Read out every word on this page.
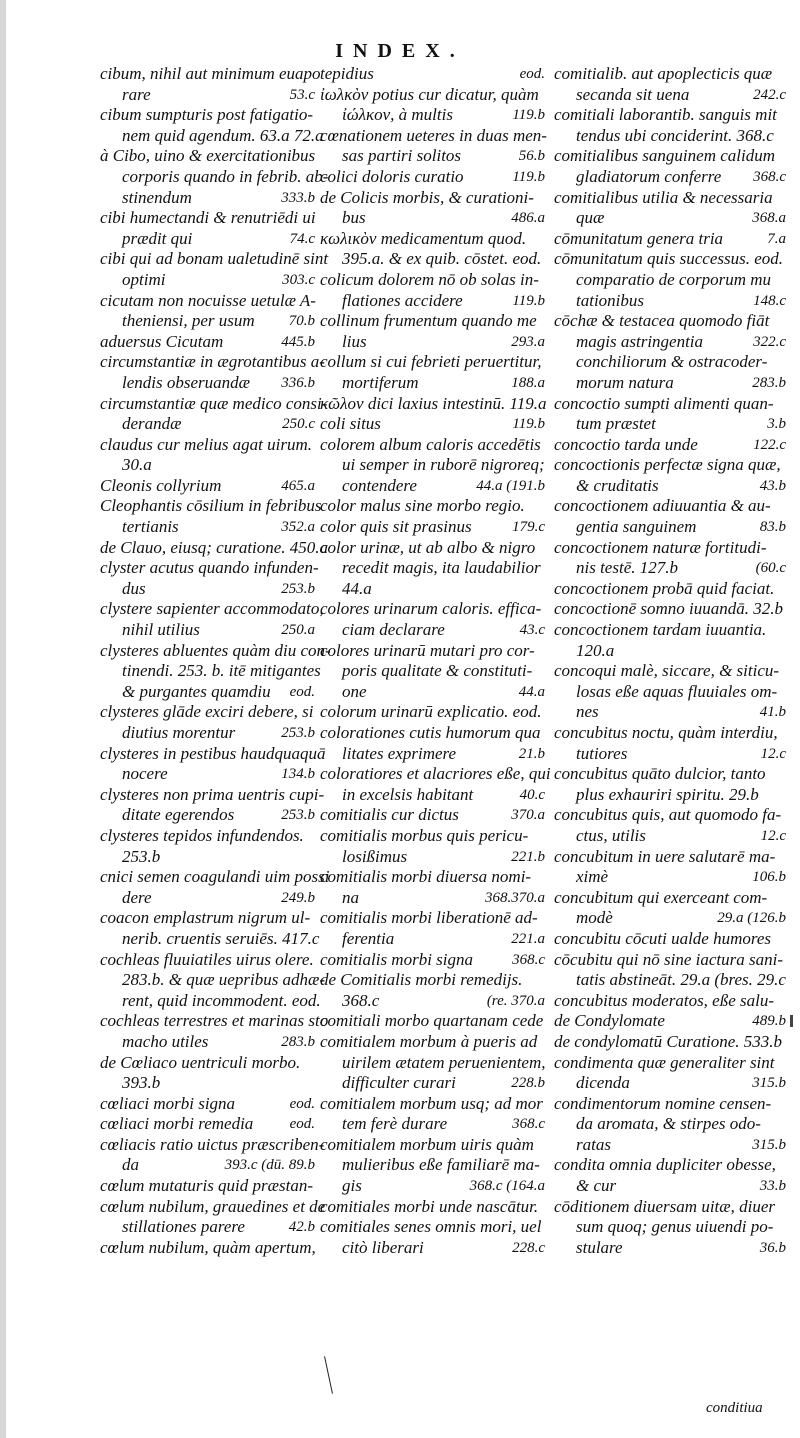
INDEX.
cibum, nihil aut minimum euapo
rare	53.c
cibum sumpturis post fatigatio-
nem quid agendum. 63.a 72.a
à Cibo, uino & exercitationibus
corporis quando in febrib. ab-
stinendum	333.b
cibi humectandi & renutriēdi ui
prædit qui	74.c
cibi qui ad bonam ualetudinē sint
optimi	303.c
cicutam non nocuisse uetulæ A-
theniensi, per usum 70.b
aduersus Cicutam	445.b
circumstantiæ in ægrotantibus a-
lendis obseruandæ 336.b
circumstantiæ quæ medico consi-
derandæ	250.c
claudus cur melius agat uirum.
30.a
Cleonis collyrium	465.a
Cleophantis cōsilium in febribus
tertianis	352.a
de Clauo, eiusq; curatione. 450.a
clyster acutus quando infunden-
dus	253.b
clystere sapienter accommodato,
nihil utilius	250.a
clysteres abluentes quàm diu con-
tinendi. 253. b. itē mitigantes
& purgantes quamdiu eod.
clysteres glāde exciri debere, si
diutius morentur	253.b
clysteres in pestibus haudquaquā
nocere	134.b
clysteres non prima uentris cupi-
ditate egerendos	253.b
clysteres tepidos infundendos.
253.b
cnici semen coagulandi uim possi
dere	249.b
coacon emplastrum nigrum ul-
nerib. cruentis seruiēs. 417.c
cochleas fluuiatiles uirus olere.
283.b. & quæ uepribus adhæ-
rent, quid incommodent. eod.
cochleas terrestres et marinas sto
macho utiles	283.b
de Cœliaco uentriculi morbo.
393.b
cœliaci morbi signa	eod.
cœliaci morbi remedia eod.
cœliacis ratio uictus præscriben-
da	393.c (dū. 89.b
cœlum mutaturis quid præstan-
cœlum nubilum, grauedines et de
stillationes parere	42.b
cœlum nubilum, quàm apertum,
tepidius	eod.
ἰωλκὸν potius cur dicatur, quàm
ἰώλκον, à multis	119.b
cœnationem ueteres in duas men-
sas partiri solitos	56.b
colici doloris curatio	119.b
de Colicis morbis, & curationi-
bus	486.a
κωλικὸν medicamentum quod.
395.a. & ex quib. cōstet. eod.
colicum dolorem nō ob solas in-
flationes accidere	119.b
collinum frumentum quando me
lius	293.a
collum si cui febrieti peruertitur,
mortiferum	188.a
κῶλον dici laxius intestinū. 119.a
coli situs	119.b
colorem album caloris accedētis
ui semper in ruborē nigroreq;
contendere	44.a (191.b
color malus sine morbo regio.
color quis sit prasinus	179.c
color urinæ, ut ab albo & nigro
recedit magis, ita laudabilior
44.a
colores urinarum caloris. effica-
ciam declarare	43.c
colores urinarū mutari pro cor-
poris qualitate & constituti-
one	44.a
colorum urinarū explicatio. eod.
colorationes cutis humorum qua
litates exprimere	21.b
coloratiores et alacriores eße, qui
in excelsis habitant	40.c
comitialis cur dictus	370.a
comitialis morbus quis pericu-
losißimus	221.b
comitialis morbi diuersa nomi-
na	368.370.a
comitialis morbi liberationē ad-
ferentia	221.a
comitialis morbi signa	368.c
de Comitialis morbi remedijs.
368.c	(re. 370.a
comitiali morbo quartanam cede
comitialem morbum à pueris ad
uirilem ætatem peruenientem,
difficulter curari	228.b
comitialem morbum usq; ad mor
tem ferè durare	368.c
comitialem morbum uiris quàm
mulieribus eße familiarē ma-
gis	368.c (164.a
comitiales morbi unde nascātur.
comitiales senes omnis mori, uel
citò liberari	228.c
comitialib. aut apoplecticis quæ
secanda sit uena	242.c
comitiali laborantib. sanguis mit
tendus ubi conciderint. 368.c
comitialibus sanguinem calidum
gladiatorum conferre 368.c
comitialibus utilia & necessaria
quæ	368.a
cōmunitatum genera tria	7.a
cōmunitatum quis successus. eod.
comparatio de corporum mu
tationibus	148.c
cōchæ & testacea quomodo fiāt
magis astringentia	322.c
conchiliorum & ostracoder-
morum natura	283.b
concoctio sumpti alimenti quan-
tum præstet	3.b
concoctio tarda unde	122.c
concoctionis perfectæ signa quæ,
& cruditatis	43.b
concoctionem adiuuantia & au-
gentia sanguinem	83.b
concoctionem naturæ fortitudi-
nis testē. 127.b	(60.c
concoctionem probā quid faciat.
concoctionē somno iuuandā. 32.b
concoctionem tardam iuuantia.
120.a
concoqui malè, siccare, & siticu-
losas eße aquas fluuiales om-
nes	41.b
concubitus noctu, quàm interdiu,
tutiores	12.c
concubitus quāto dulcior, tanto
plus exhauriri spiritu. 29.b
concubitus quis, aut quomodo fa-
ctus, utilis	12.c
concubitum in uere salutarē ma-
ximè	106.b
concubitum qui exerceant com-
modè	29.a (126.b
concubitu cōcuti ualde humores
cōcubitu qui nō sine iactura sani-
tatis abstineāt. 29.a (bres. 29.c
concubitus moderatos, eße salu-
de Condylomate	489.b
de condylomatū Curatione. 533.b
condimenta quæ generaliter sint
dicenda	315.b
condimentorum nomine censen-
da aromata, & stirpes odo-
ratas	315.b
condita omnia dupliciter obesse,
& cur	33.b
cōditionem diuersam uitæ, diuer
sum quoq; genus uiuendi po-
stulare	36.b
conditiua
